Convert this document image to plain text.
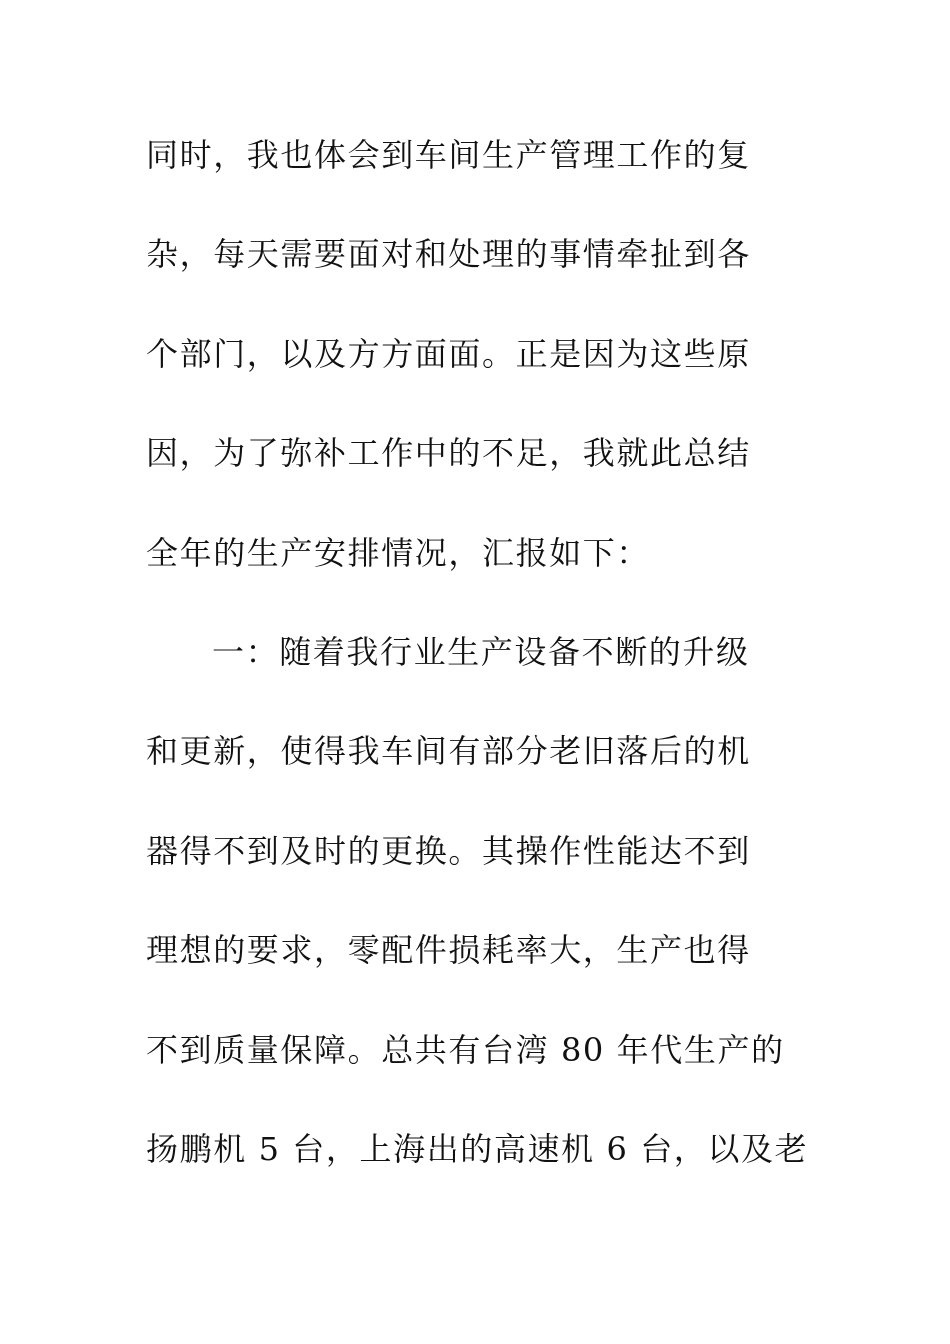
同时，我也体会到车间生产管理工作的复
杂，每天需要面对和处理的事情牵扯到各
个部门，以及方方面面。正是因为这些原
因，为了弥补工作中的不足，我就此总结
全年的生产安排情况，汇报如下：
一：随着我行业生产设备不断的升级
和更新，使得我车间有部分老旧落后的机
器得不到及时的更换。其操作性能达不到
理想的要求，零配件损耗率大，生产也得
不到质量保障。总共有台湾 80 年代生产的
扬鹏机 5 台，上海出的高速机 6 台，以及老
